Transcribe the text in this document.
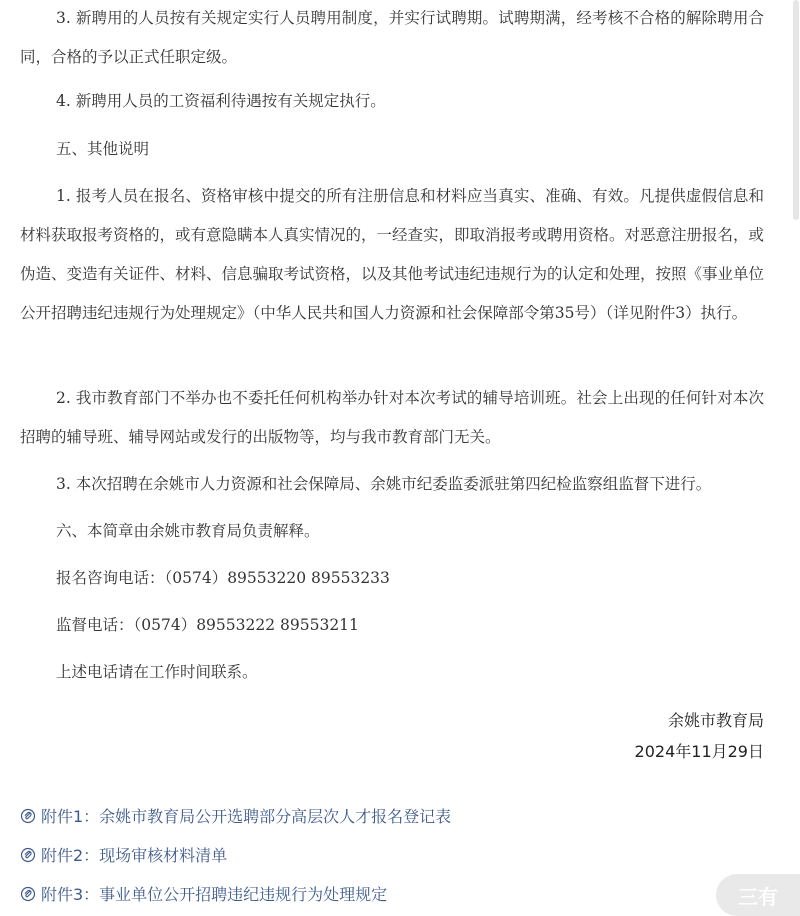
3. 新聘用的人员按有关规定实行人员聘用制度，并实行试聘期。试聘期满，经考核不合格的解除聘用合同，合格的予以正式任职定级。

4. 新聘用人员的工资福利待遇按有关规定执行。

五、其他说明

1. 报考人员在报名、资格审核中提交的所有注册信息和材料应当真实、准确、有效。凡提供虚假信息和材料获取报考资格的，或有意隐瞒本人真实情况的，一经查实，即取消报考或聘用资格。对恶意注册报名，或伪造、变造有关证件、材料、信息骗取考试资格，以及其他考试违纪违规行为的认定和处理，按照《事业单位公开招聘违纪违规行为处理规定》（中华人民共和国人力资源和社会保障部令第35号）（详见附件3）执行。

2. 我市教育部门不举办也不委托任何机构举办针对本次考试的辅导培训班。社会上出现的任何针对本次招聘的辅导班、辅导网站或发行的出版物等，均与我市教育部门无关。

3. 本次招聘在余姚市人力资源和社会保障局、余姚市纪委监委派驻第四纪检监察组监督下进行。

六、本简章由余姚市教育局负责解释。

报名咨询电话：（0574）89553220 89553233

监督电话：（0574）89553222 89553211

上述电话请在工作时间联系。

余姚市教育局
2024年11月29日
附件1：余姚市教育局公开选聘部分高层次人才报名登记表
附件2：现场审核材料清单
附件3：事业单位公开招聘违纪违规行为处理规定	三有
